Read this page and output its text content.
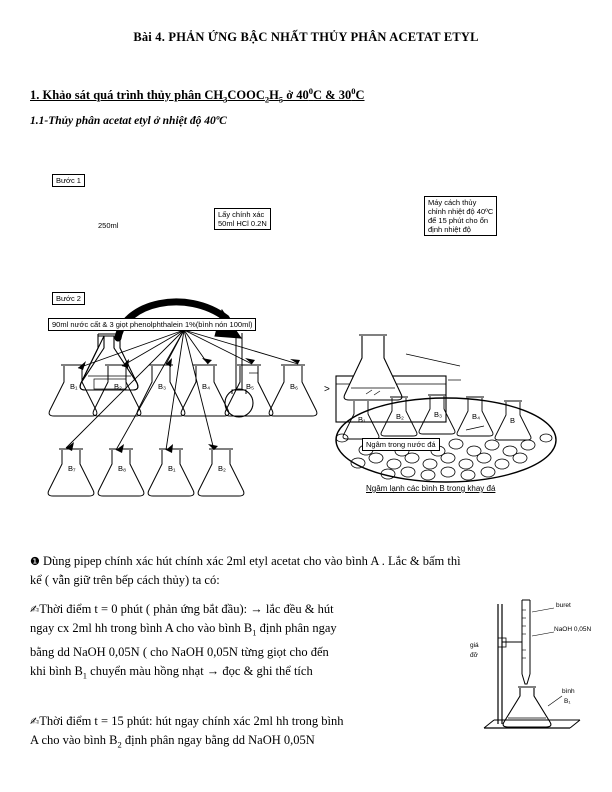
Bài 4. PHẢN ỨNG BẬC NHẤT THỦY PHÂN ACETAT ETYL
1. Khảo sát quá trình thủy phân $CH_3COOC_2H_5$ ở $40^0C$ & $30^0C$
1.1-Thủy phân acetat etyl ở nhiệt độ 40ºC
Bước 1
Bước 2
Lấy chính xác
50ml HCl 0.2N
250ml
Máy cách thủy
chỉnh nhiệt độ 40ºC
để 15 phút cho ổn
định nhiệt độ
90ml nước cất & 3 giọt phenolphthalein 1%(bình nón 100ml)
B₁	B₂	B₃	B₄	B₅	B₆
B₇	B₈	B₁	B₂
>
B₁	B₂	B₃	B₄	B
Ngâm trong nước đá
Ngâm lạnh các bình B trong khay đá
❶ Dùng pipep chính xác hút chính xác 2ml etyl acetat cho vào bình A . Lắc & bấm thì kể ( vẫn giữ trên bếp cách thủy) ta có:
✍Thời điểm t = 0 phút ( phản ứng bắt đầu): → lắc đều & hút
ngay cx 2ml hh trong bình A cho vào bình $B_1$ định phân ngay
bằng dd NaOH 0,05N ( cho NaOH 0,05N từng giọt cho đến
khi bình $B_1$ chuyển màu hồng nhạt → đọc & ghi thể tích
✍Thời điểm t = 15 phút: hút ngay chính xác 2ml hh trong bình
A cho vào bình $B_2$ định phân ngay bằng dd NaOH 0,05N
buret
NaOH 0,05N
bình
B₁
giá
đỡ
